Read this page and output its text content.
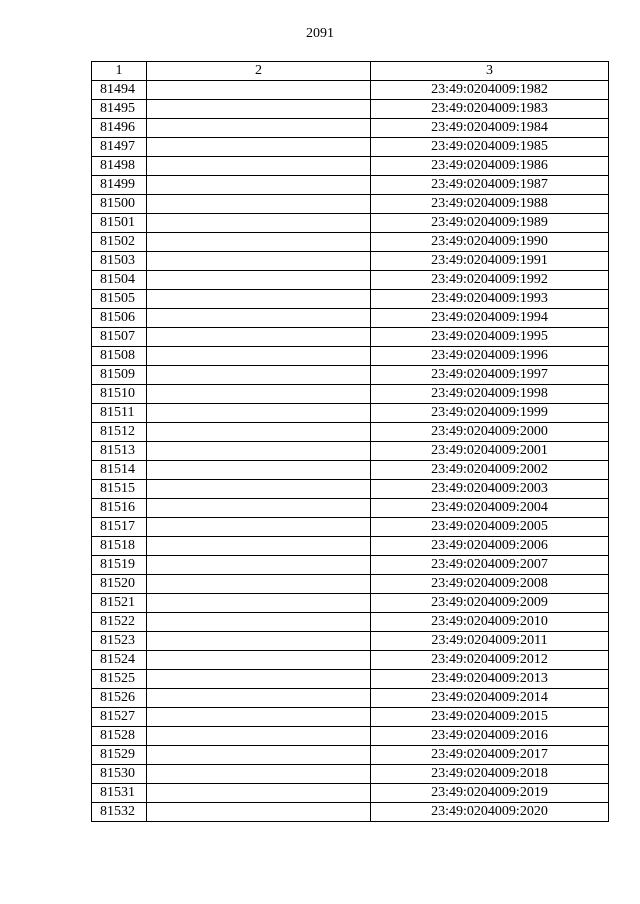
2091
1	2	3
81494		23:49:0204009:1982
81495		23:49:0204009:1983
81496		23:49:0204009:1984
81497		23:49:0204009:1985
81498		23:49:0204009:1986
81499		23:49:0204009:1987
81500		23:49:0204009:1988
81501		23:49:0204009:1989
81502		23:49:0204009:1990
81503		23:49:0204009:1991
81504		23:49:0204009:1992
81505		23:49:0204009:1993
81506		23:49:0204009:1994
81507		23:49:0204009:1995
81508		23:49:0204009:1996
81509		23:49:0204009:1997
81510		23:49:0204009:1998
81511		23:49:0204009:1999
81512		23:49:0204009:2000
81513		23:49:0204009:2001
81514		23:49:0204009:2002
81515		23:49:0204009:2003
81516		23:49:0204009:2004
81517		23:49:0204009:2005
81518		23:49:0204009:2006
81519		23:49:0204009:2007
81520		23:49:0204009:2008
81521		23:49:0204009:2009
81522		23:49:0204009:2010
81523		23:49:0204009:2011
81524		23:49:0204009:2012
81525		23:49:0204009:2013
81526		23:49:0204009:2014
81527		23:49:0204009:2015
81528		23:49:0204009:2016
81529		23:49:0204009:2017
81530		23:49:0204009:2018
81531		23:49:0204009:2019
81532		23:49:0204009:2020
